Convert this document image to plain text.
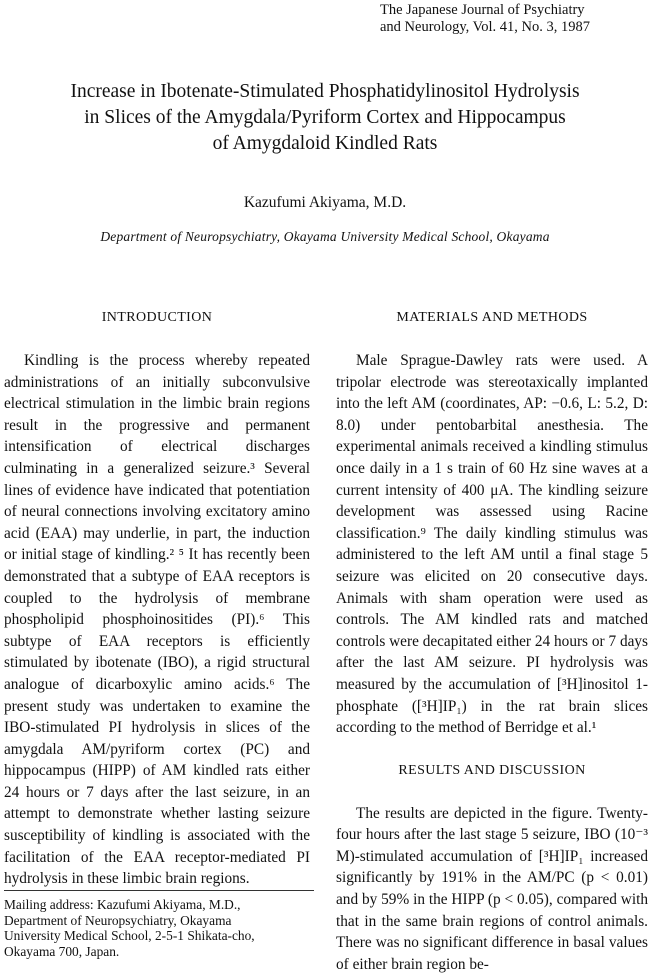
The Japanese Journal of Psychiatry
and Neurology, Vol. 41, No. 3, 1987
Increase in Ibotenate-Stimulated Phosphatidylinositol Hydrolysis
in Slices of the Amygdala/Pyriform Cortex and Hippocampus
of Amygdaloid Kindled Rats
Kazufumi Akiyama, M.D.
Department of Neuropsychiatry, Okayama University Medical School, Okayama
INTRODUCTION

Kindling is the process whereby repeated administrations of an initially subconvulsive electrical stimulation in the limbic brain regions result in the progressive and permanent intensification of electrical discharges culminating in a generalized seizure.³ Several lines of evidence have indicated that potentiation of neural connections involving excitatory amino acid (EAA) may underlie, in part, the induction or initial stage of kindling.² ⁵ It has recently been demonstrated that a subtype of EAA receptors is coupled to the hydrolysis of membrane phospholipid phosphoinositides (PI).⁶ This subtype of EAA receptors is efficiently stimulated by ibotenate (IBO), a rigid structural analogue of dicarboxylic amino acids.⁶ The present study was undertaken to examine the IBO-stimulated PI hydrolysis in slices of the amygdala AM/pyriform cortex (PC) and hippocampus (HIPP) of AM kindled rats either 24 hours or 7 days after the last seizure, in an attempt to demonstrate whether lasting seizure susceptibility of kindling is associated with the facilitation of the EAA receptor-mediated PI hydrolysis in these limbic brain regions.

MATERIALS AND METHODS

Male Sprague-Dawley rats were used. A tripolar electrode was stereotaxically implanted into the left AM (coordinates, AP: −0.6, L: 5.2, D: 8.0) under pentobarbital anesthesia. The experimental animals received a kindling stimulus once daily in a 1 s train of 60 Hz sine waves at a current intensity of 400 μA. The kindling seizure development was assessed using Racine classification.⁹ The daily kindling stimulus was administered to the left AM until a final stage 5 seizure was elicited on 20 consecutive days. Animals with sham operation were used as controls. The AM kindled rats and matched controls were decapitated either 24 hours or 7 days after the last AM seizure. PI hydrolysis was measured by the accumulation of [³H]inositol 1-phosphate ([³H]IP₁) in the rat brain slices according to the method of Berridge et al.¹

RESULTS AND DISCUSSION

The results are depicted in the figure. Twenty-four hours after the last stage 5 seizure, IBO (10⁻³ M)-stimulated accumulation of [³H]IP₁ increased significantly by 191% in the AM/PC (p < 0.01) and by 59% in the HIPP (p < 0.05), compared with that in the same brain regions of control animals. There was no significant difference in basal values of either brain region be-

Mailing address: Kazufumi Akiyama, M.D.,
Department of Neuropsychiatry, Okayama
University Medical School, 2-5-1 Shikata-cho,
Okayama 700, Japan.
